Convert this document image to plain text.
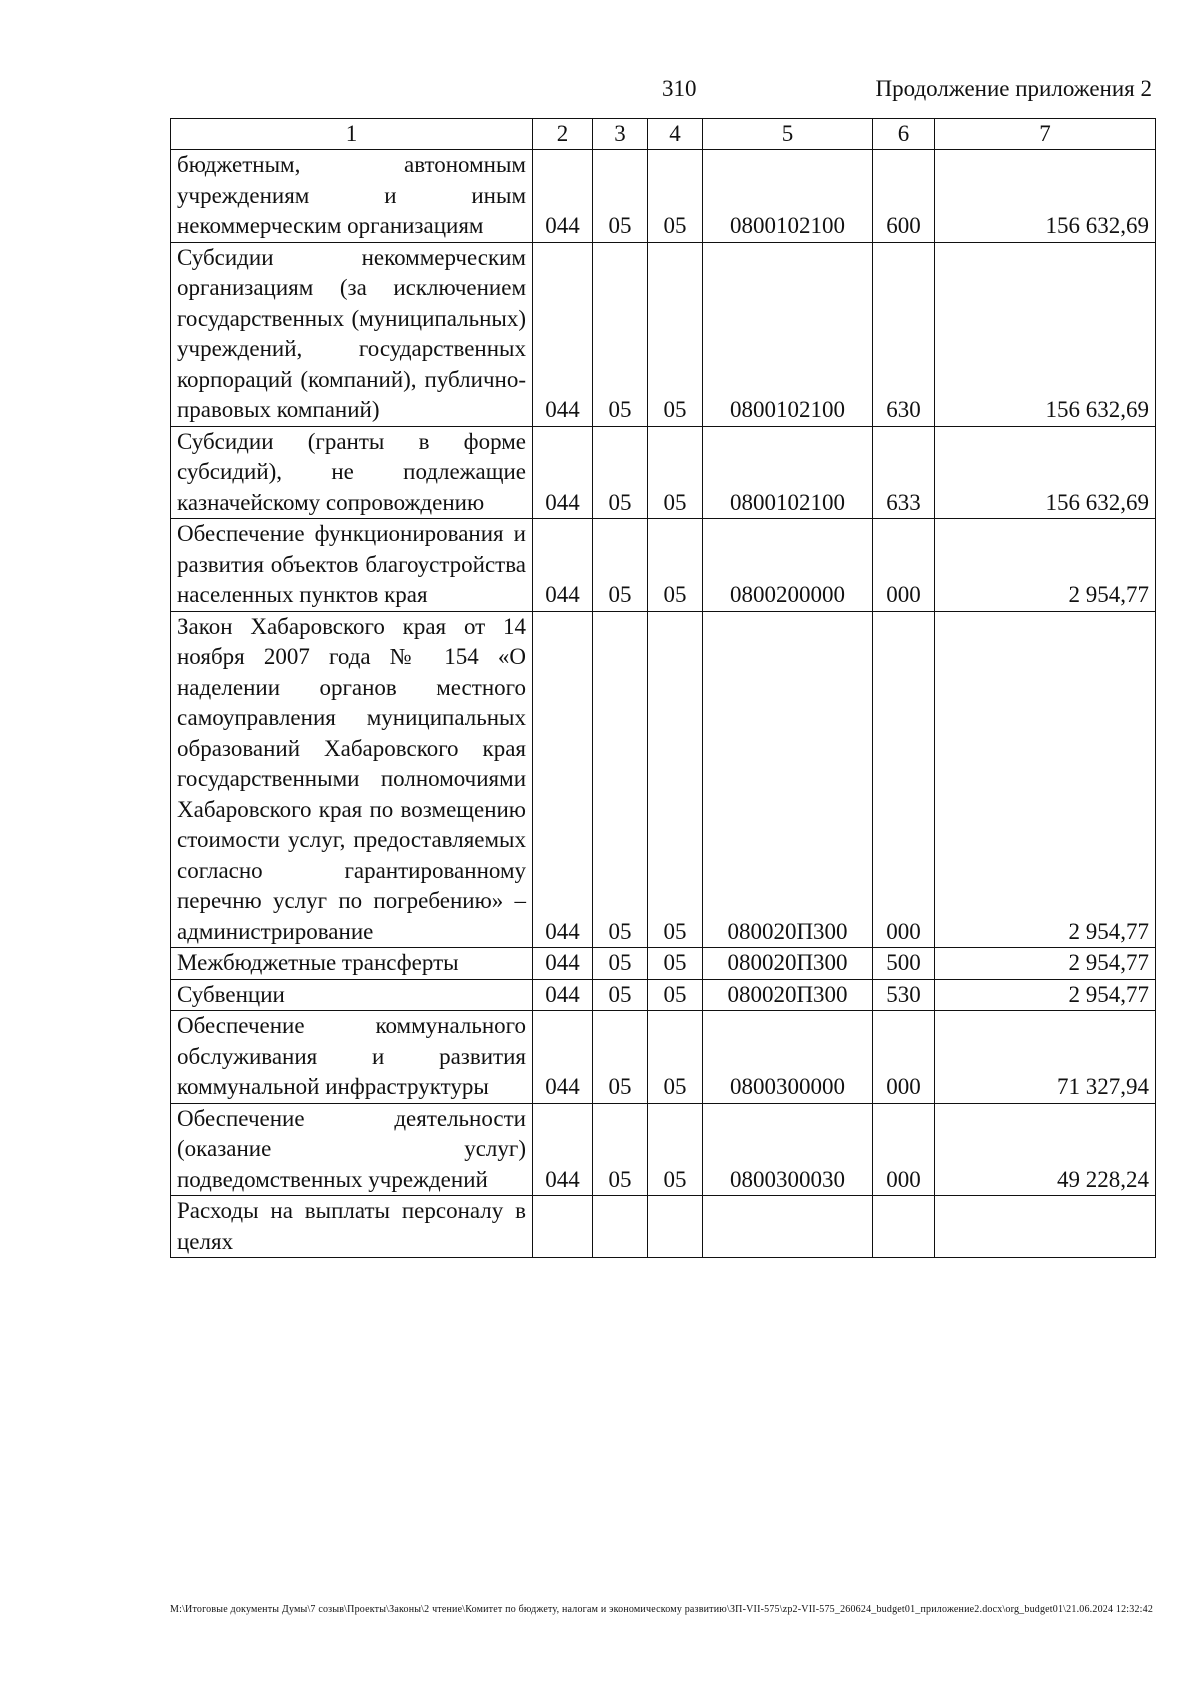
310	Продолжение приложения 2
1	2	3	4	5	6	7
бюджетным, автономным учреждениям и иным некоммерческим организациям	044	05	05	0800102100	600	156 632,69
Субсидии некоммерческим организациям (за исключением государственных (муниципальных) учреждений, государственных корпораций (компаний), публично-правовых компаний)	044	05	05	0800102100	630	156 632,69
Субсидии (гранты в форме субсидий), не подлежащие казначейскому сопровождению	044	05	05	0800102100	633	156 632,69
Обеспечение функционирования и развития объектов благоустройства населенных пунктов края	044	05	05	0800200000	000	2 954,77
Закон Хабаровского края от 14 ноября 2007 года № 154 «О наделении органов местного самоуправления муниципальных образований Хабаровского края государственными полномочиями Хабаровского края по возмещению стоимости услуг, предоставляемых согласно гарантированному перечню услуг по погребению» – администрирование	044	05	05	080020П300	000	2 954,77
Межбюджетные трансферты	044	05	05	080020П300	500	2 954,77
Субвенции	044	05	05	080020П300	530	2 954,77
Обеспечение коммунального обслуживания и развития коммунальной инфраструктуры	044	05	05	0800300000	000	71 327,94
Обеспечение деятельности (оказание услуг) подведомственных учреждений	044	05	05	0800300030	000	49 228,24
Расходы на выплаты персоналу в целях						
M:\Итоговые документы Думы\7 созыв\Проекты\Законы\2 чтение\Комитет по бюджету, налогам и экономическому развитию\ЗП-VII-575\zp2-VII-575_260624_budget01_приложение2.docx\org_budget01\21.06.2024 12:32:42
